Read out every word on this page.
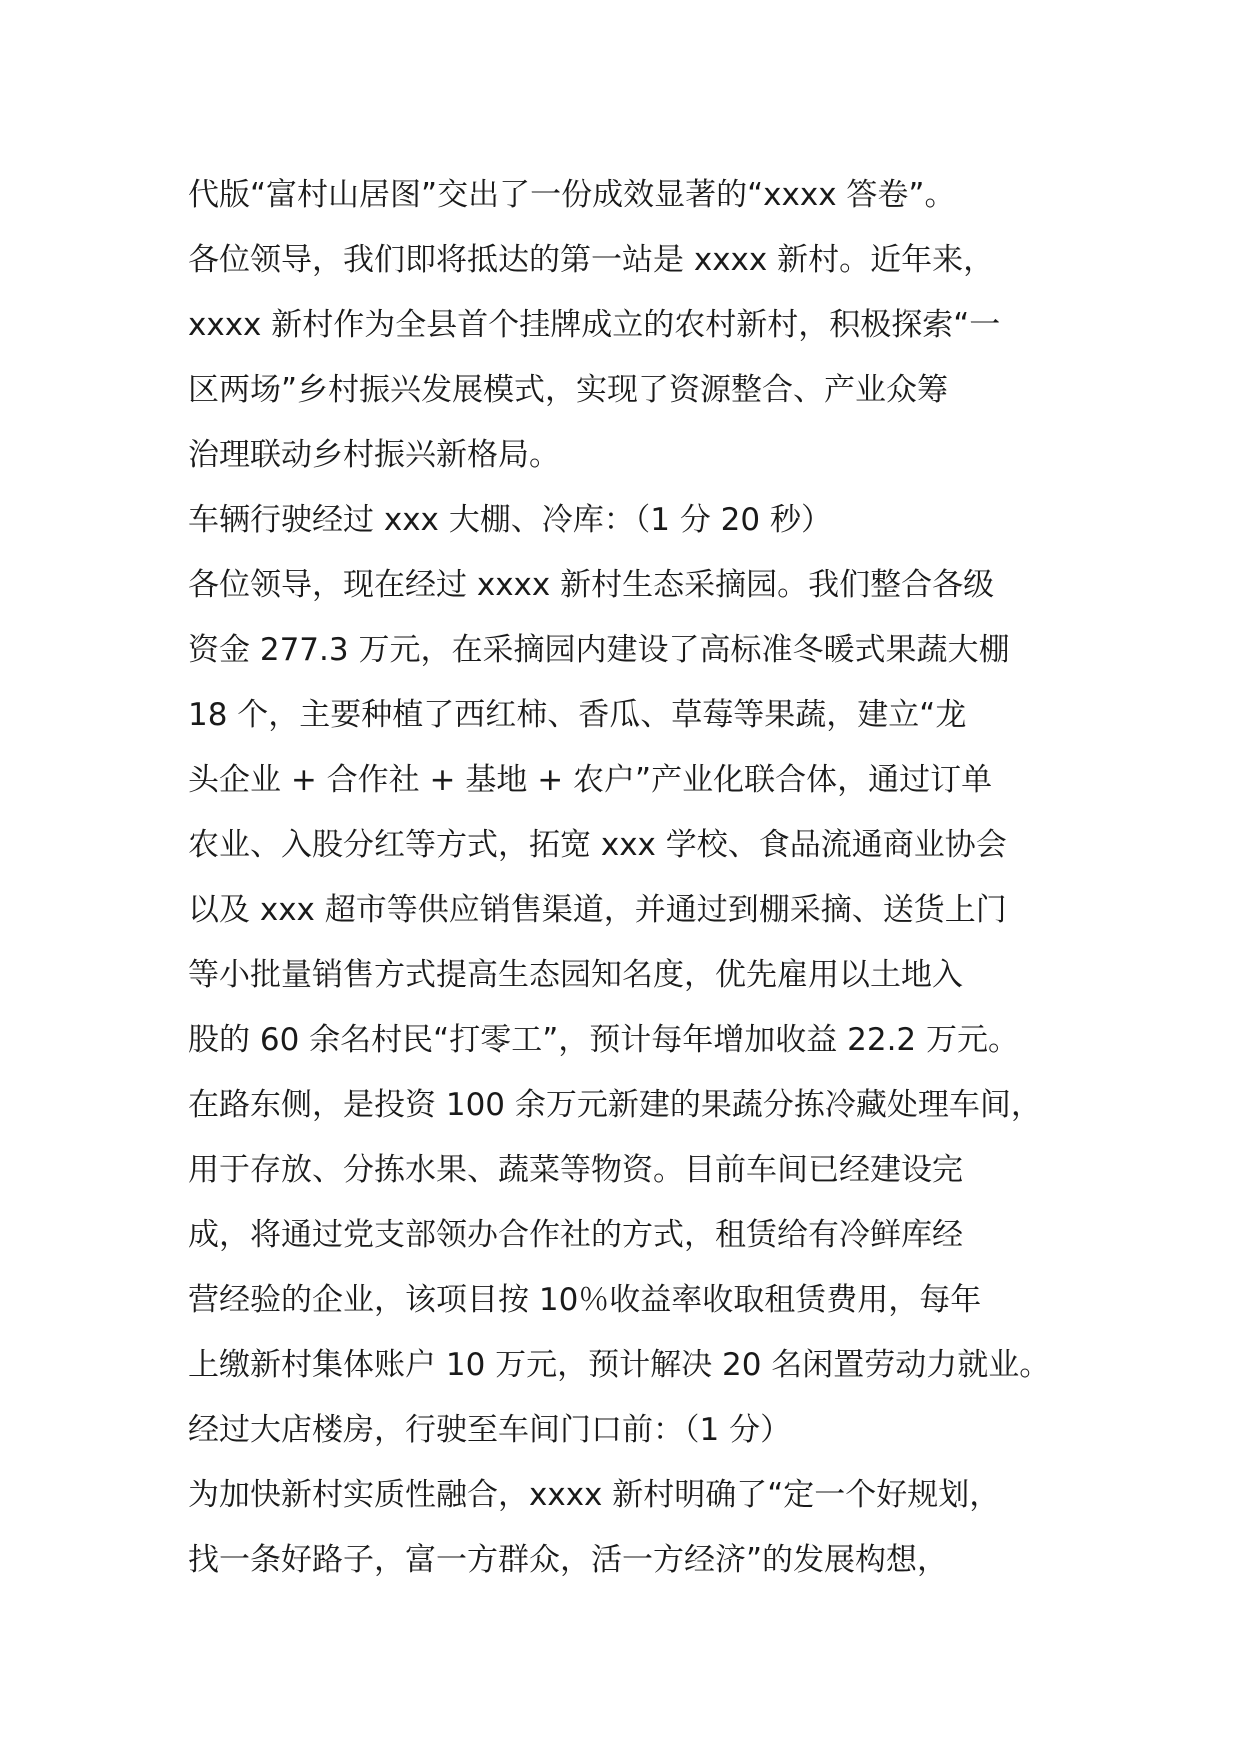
代版“富村山居图”交出了一份成效显著的“xxxx 答卷”。
各位领导，我们即将抵达的第一站是 xxxx 新村。近年来，
xxxx 新村作为全县首个挂牌成立的农村新村，积极探索“一
区两场”乡村振兴发展模式，实现了资源整合、产业众筹
治理联动乡村振兴新格局。
车辆行驶经过 xxx 大棚、冷库：（1 分 20 秒）
各位领导，现在经过 xxxx 新村生态采摘园。我们整合各级
资金 277.3 万元，在采摘园内建设了高标准冬暖式果蔬大棚
18 个，主要种植了西红柿、香瓜、草莓等果蔬，建立“龙
头企业 + 合作社 + 基地 + 农户”产业化联合体，通过订单
农业、入股分红等方式，拓宽 xxx 学校、食品流通商业协会
以及 xxx 超市等供应销售渠道，并通过到棚采摘、送货上门
等小批量销售方式提高生态园知名度，优先雇用以土地入
股的 60 余名村民“打零工”，预计每年增加收益 22.2 万元。
在路东侧，是投资 100 余万元新建的果蔬分拣冷藏处理车间，
用于存放、分拣水果、蔬菜等物资。目前车间已经建设完
成，将通过党支部领办合作社的方式，租赁给有冷鲜库经
营经验的企业，该项目按 10％收益率收取租赁费用，每年
上缴新村集体账户 10 万元，预计解决 20 名闲置劳动力就业。
经过大店楼房，行驶至车间门口前：（1 分）
为加快新村实质性融合，xxxx 新村明确了“定一个好规划，
找一条好路子，富一方群众，活一方经济”的发展构想，
